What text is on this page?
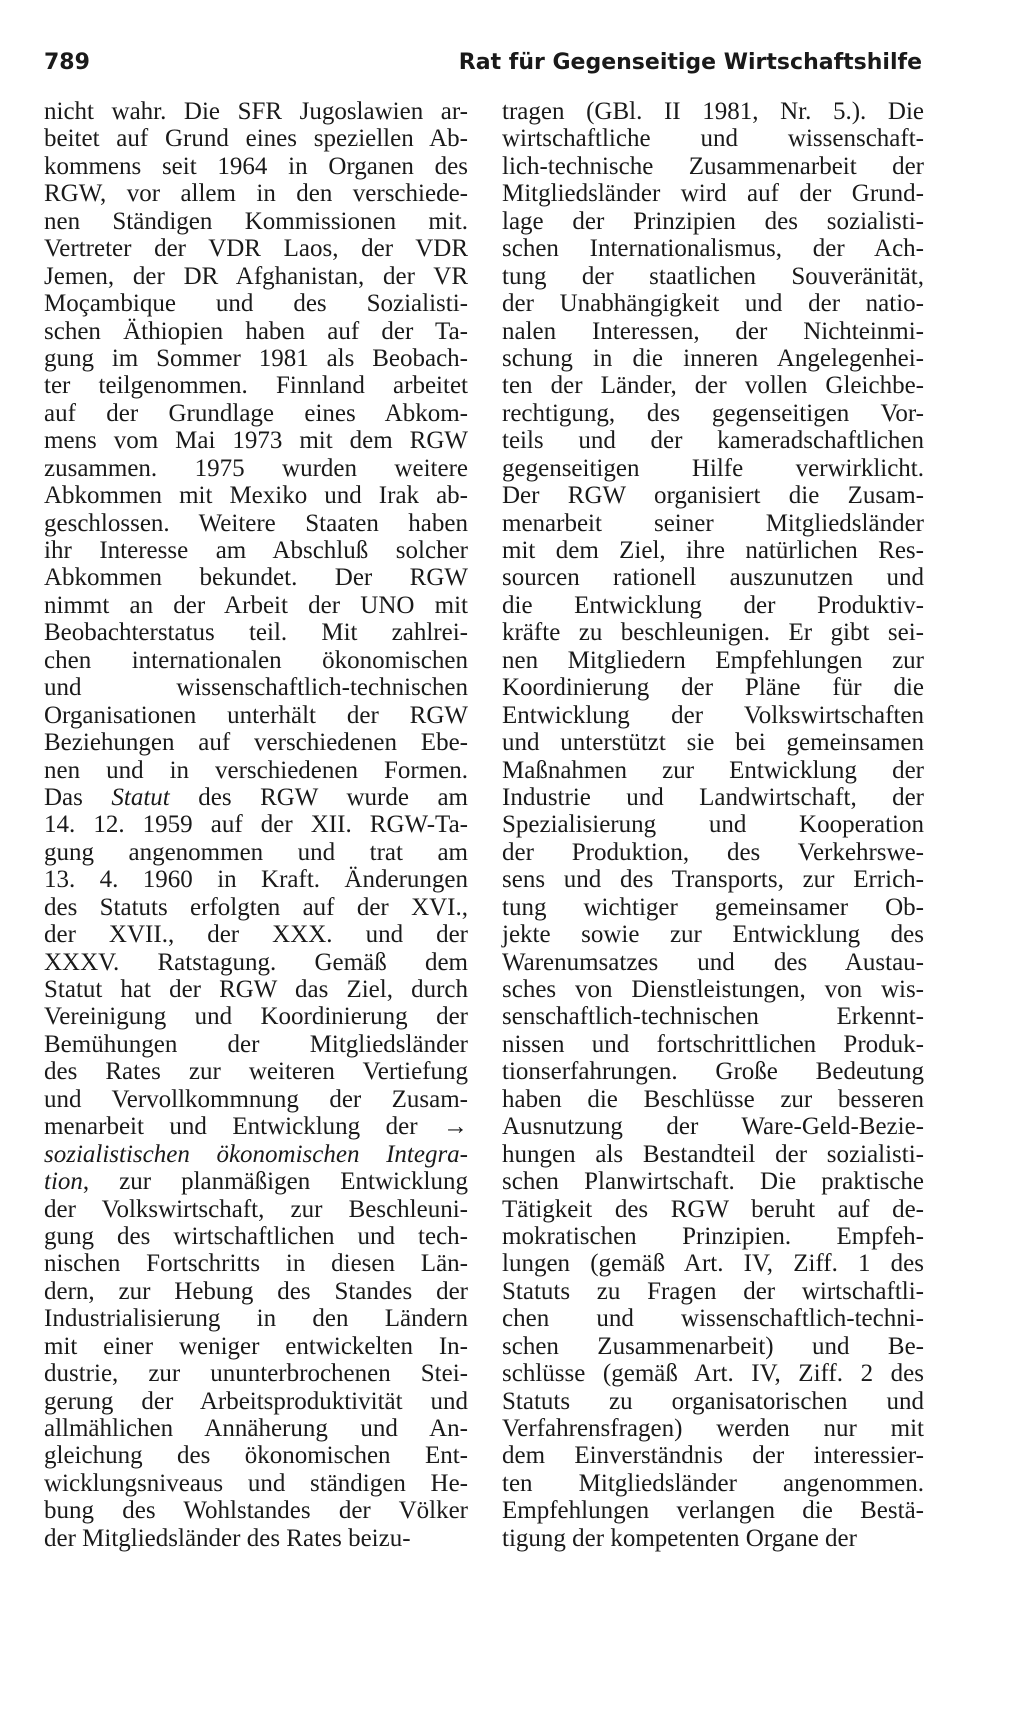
789	Rat für Gegenseitige Wirtschaftshilfe
nicht wahr. Die SFR Jugoslawien ar-
beitet auf Grund eines speziellen Ab-
kommens seit 1964 in Organen des
RGW, vor allem in den verschiede-
nen Ständigen Kommissionen mit.
Vertreter der VDR Laos, der VDR
Jemen, der DR Afghanistan, der VR
Moçambique und des Sozialisti-
schen Äthiopien haben auf der Ta-
gung im Sommer 1981 als Beobach-
ter teilgenommen. Finnland arbeitet
auf der Grundlage eines Abkom-
mens vom Mai 1973 mit dem RGW
zusammen. 1975 wurden weitere
Abkommen mit Mexiko und Irak ab-
geschlossen. Weitere Staaten haben
ihr Interesse am Abschluß solcher
Abkommen bekundet. Der RGW
nimmt an der Arbeit der UNO mit
Beobachterstatus teil. Mit zahlrei-
chen internationalen ökonomischen
und wissenschaftlich-technischen
Organisationen unterhält der RGW
Beziehungen auf verschiedenen Ebe-
nen und in verschiedenen Formen.
Das Statut des RGW wurde am
14. 12. 1959 auf der XII. RGW-Ta-
gung angenommen und trat am
13. 4. 1960 in Kraft. Änderungen
des Statuts erfolgten auf der XVI.,
der XVII., der XXX. und der
XXXV. Ratstagung. Gemäß dem
Statut hat der RGW das Ziel, durch
Vereinigung und Koordinierung der
Bemühungen der Mitgliedsländer
des Rates zur weiteren Vertiefung
und Vervollkommnung der Zusam-
menarbeit und Entwicklung der →
sozialistischen ökonomischen Integra-
tion, zur planmäßigen Entwicklung
der Volkswirtschaft, zur Beschleuni-
gung des wirtschaftlichen und tech-
nischen Fortschritts in diesen Län-
dern, zur Hebung des Standes der
Industrialisierung in den Ländern
mit einer weniger entwickelten In-
dustrie, zur ununterbrochenen Stei-
gerung der Arbeitsproduktivität und
allmählichen Annäherung und An-
gleichung des ökonomischen Ent-
wicklungsniveaus und ständigen He-
bung des Wohlstandes der Völker
der Mitgliedsländer des Rates beizu-
tragen (GBl. II 1981, Nr. 5.). Die
wirtschaftliche und wissenschaft-
lich-technische Zusammenarbeit der
Mitgliedsländer wird auf der Grund-
lage der Prinzipien des sozialisti-
schen Internationalismus, der Ach-
tung der staatlichen Souveränität,
der Unabhängigkeit und der natio-
nalen Interessen, der Nichteinmi-
schung in die inneren Angelegenhei-
ten der Länder, der vollen Gleichbe-
rechtigung, des gegenseitigen Vor-
teils und der kameradschaftlichen
gegenseitigen Hilfe verwirklicht.
Der RGW organisiert die Zusam-
menarbeit seiner Mitgliedsländer
mit dem Ziel, ihre natürlichen Res-
sourcen rationell auszunutzen und
die Entwicklung der Produktiv-
kräfte zu beschleunigen. Er gibt sei-
nen Mitgliedern Empfehlungen zur
Koordinierung der Pläne für die
Entwicklung der Volkswirtschaften
und unterstützt sie bei gemeinsamen
Maßnahmen zur Entwicklung der
Industrie und Landwirtschaft, der
Spezialisierung und Kooperation
der Produktion, des Verkehrswe-
sens und des Transports, zur Errich-
tung wichtiger gemeinsamer Ob-
jekte sowie zur Entwicklung des
Warenumsatzes und des Austau-
sches von Dienstleistungen, von wis-
senschaftlich-technischen Erkennt-
nissen und fortschrittlichen Produk-
tionserfahrungen. Große Bedeutung
haben die Beschlüsse zur besseren
Ausnutzung der Ware-Geld-Bezie-
hungen als Bestandteil der sozialisti-
schen Planwirtschaft. Die praktische
Tätigkeit des RGW beruht auf de-
mokratischen Prinzipien. Empfeh-
lungen (gemäß Art. IV, Ziff. 1 des
Statuts zu Fragen der wirtschaftli-
chen und wissenschaftlich-techni-
schen Zusammenarbeit) und Be-
schlüsse (gemäß Art. IV, Ziff. 2 des
Statuts zu organisatorischen und
Verfahrensfragen) werden nur mit
dem Einverständnis der interessier-
ten Mitgliedsländer angenommen.
Empfehlungen verlangen die Bestä-
tigung der kompetenten Organe der
